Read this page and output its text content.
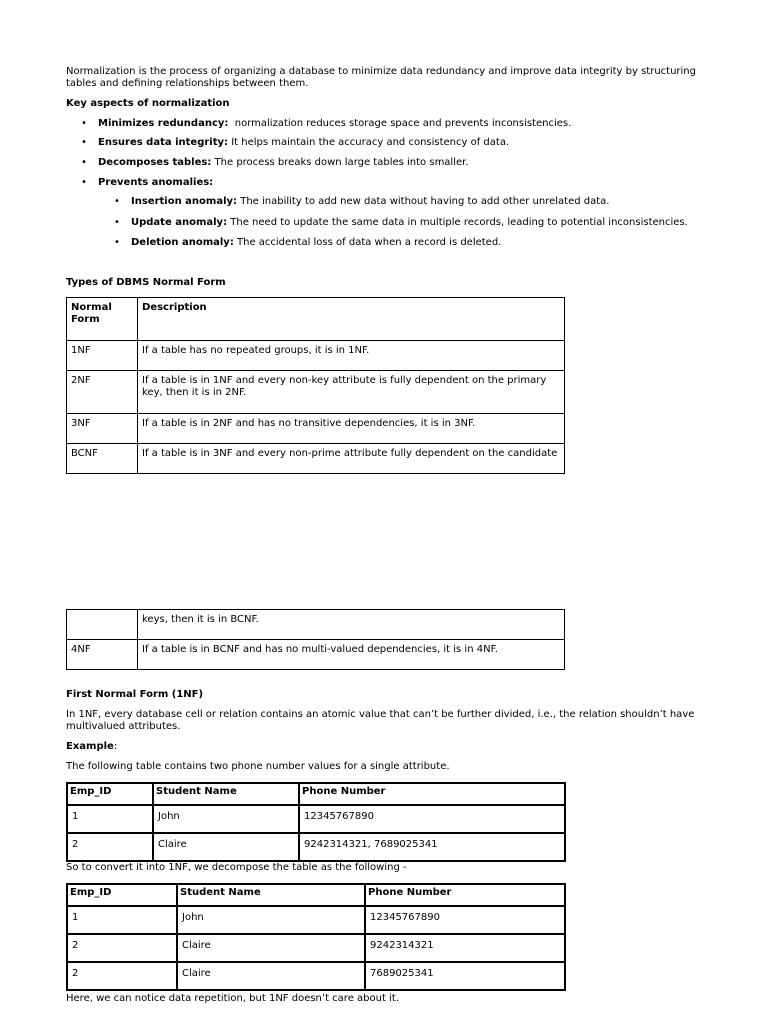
Normalization is the process of organizing a database to minimize data redundancy and improve data integrity by structuring tables and defining relationships between them.

Key aspects of normalization

• Minimizes redundancy:  normalization reduces storage space and prevents inconsistencies.
• Ensures data integrity: It helps maintain the accuracy and consistency of data.
• Decomposes tables: The process breaks down large tables into smaller.
• Prevents anomalies:
• Insertion anomaly: The inability to add new data without having to add other unrelated data.
• Update anomaly: The need to update the same data in multiple records, leading to potential inconsistencies.
• Deletion anomaly: The accidental loss of data when a record is deleted.

Types of DBMS Normal Form

Normal Form	Description
1NF	If a table has no repeated groups, it is in 1NF.
2NF	If a table is in 1NF and every non-key attribute is fully dependent on the primary key, then it is in 2NF.
3NF	If a table is in 2NF and has no transitive dependencies, it is in 3NF.
BCNF	If a table is in 3NF and every non-prime attribute fully dependent on the candidate
	keys, then it is in BCNF.
4NF	If a table is in BCNF and has no multi-valued dependencies, it is in 4NF.

First Normal Form (1NF)

In 1NF, every database cell or relation contains an atomic value that can’t be further divided, i.e., the relation shouldn’t have multivalued attributes.

Example:

The following table contains two phone number values for a single attribute.

Emp_ID	Student Name	Phone Number
1	John	12345767890
2	Claire	9242314321, 7689025341

So to convert it into 1NF, we decompose the table as the following -

Emp_ID	Student Name	Phone Number
1	John	12345767890
2	Claire	9242314321
2	Claire	7689025341

Here, we can notice data repetition, but 1NF doesn’t care about it.
